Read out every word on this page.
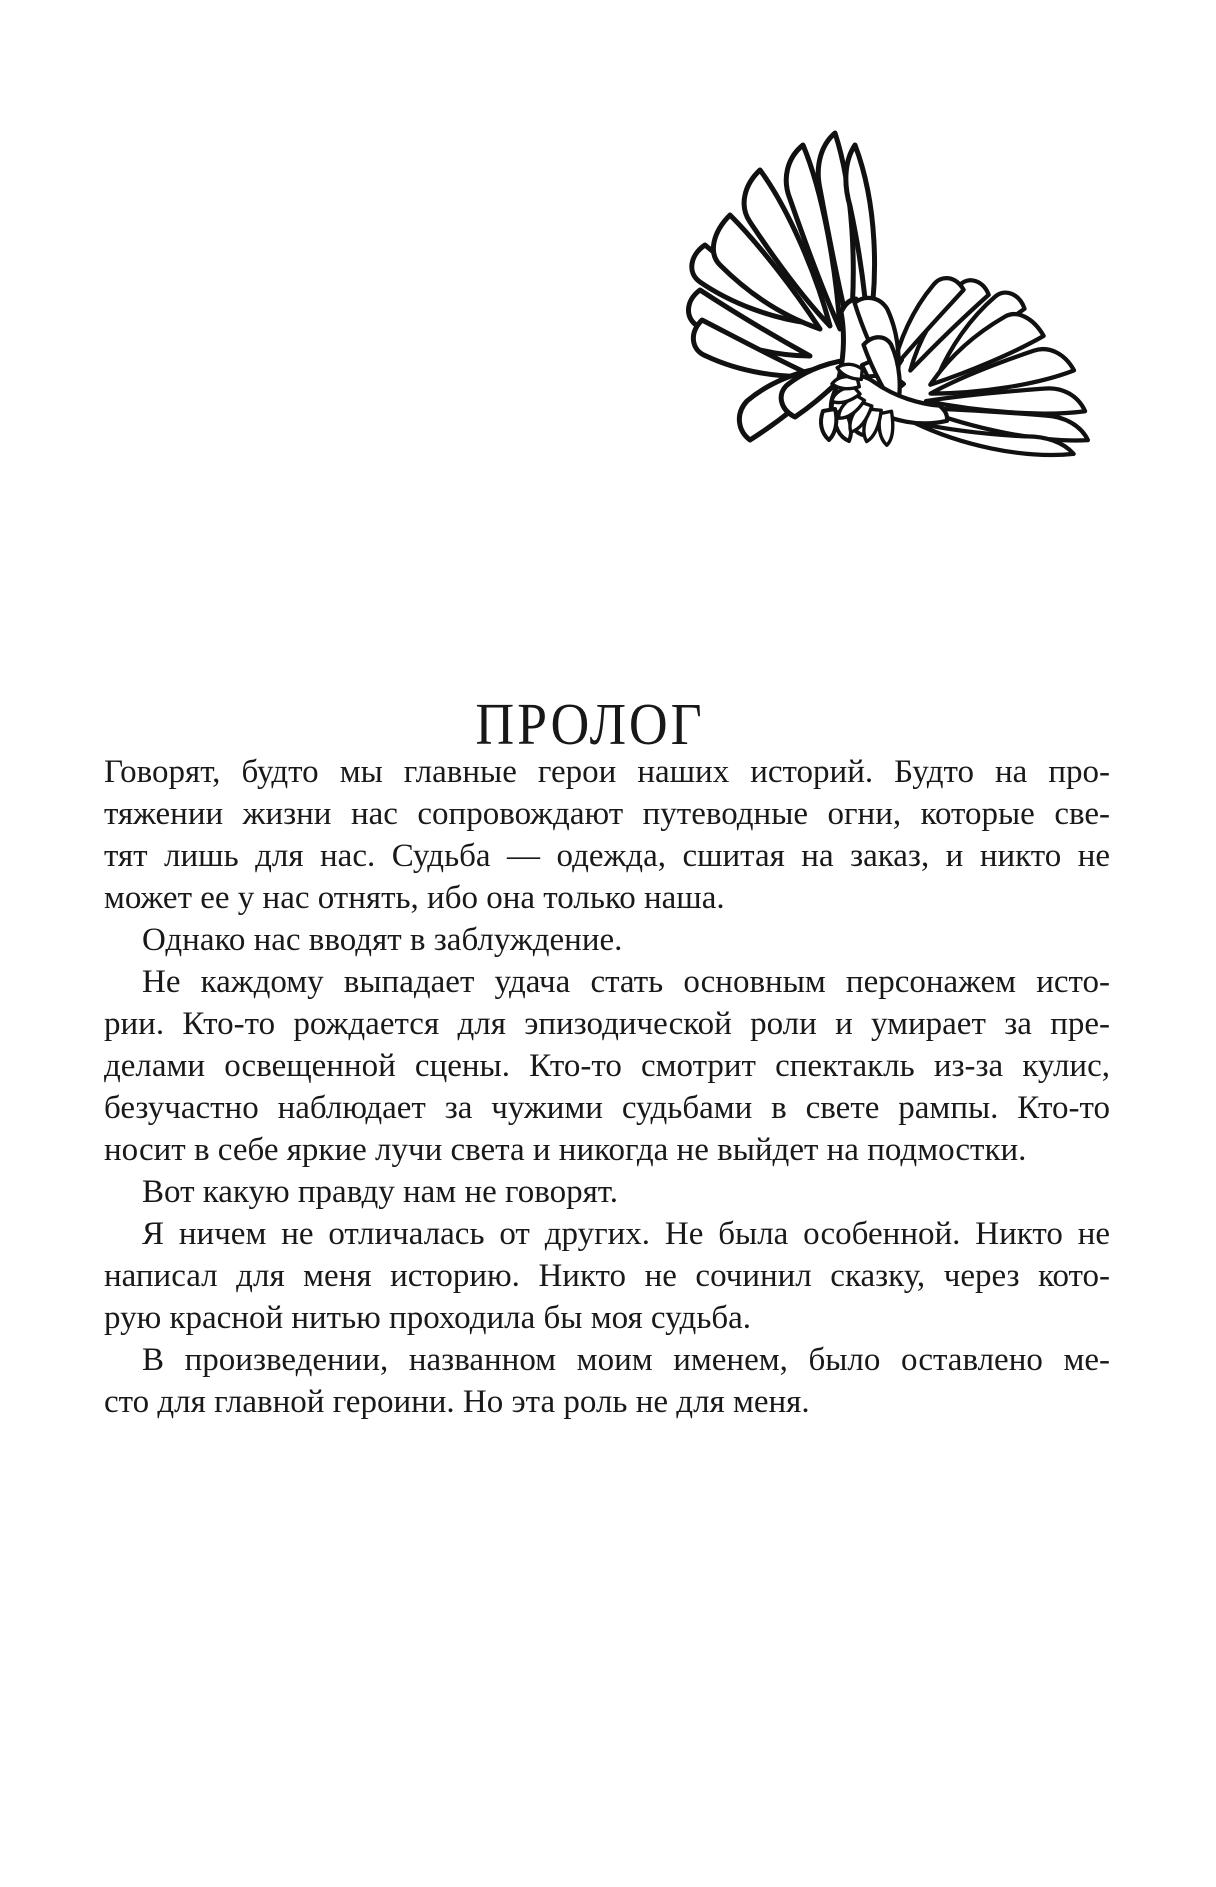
ПРОЛОГ
Говорят, будто мы главные герои наших историй. Будто на про-
тяжении жизни нас сопровождают путеводные огни, которые све-
тят лишь для нас. Судьба — одежда, сшитая на заказ, и никто не
может ее у нас отнять, ибо она только наша.
Однако нас вводят в заблуждение.
Не каждому выпадает удача стать основным персонажем исто-
рии. Кто-то рождается для эпизодической роли и умирает за пре-
делами освещенной сцены. Кто-то смотрит спектакль из-за кулис,
безучастно наблюдает за чужими судьбами в свете рампы. Кто-то
носит в себе яркие лучи света и никогда не выйдет на подмостки.
Вот какую правду нам не говорят.
Я ничем не отличалась от других. Не была особенной. Никто не
написал для меня историю. Никто не сочинил сказку, через кото-
рую красной нитью проходила бы моя судьба.
В произведении, названном моим именем, было оставлено ме-
сто для главной героини. Но эта роль не для меня.
